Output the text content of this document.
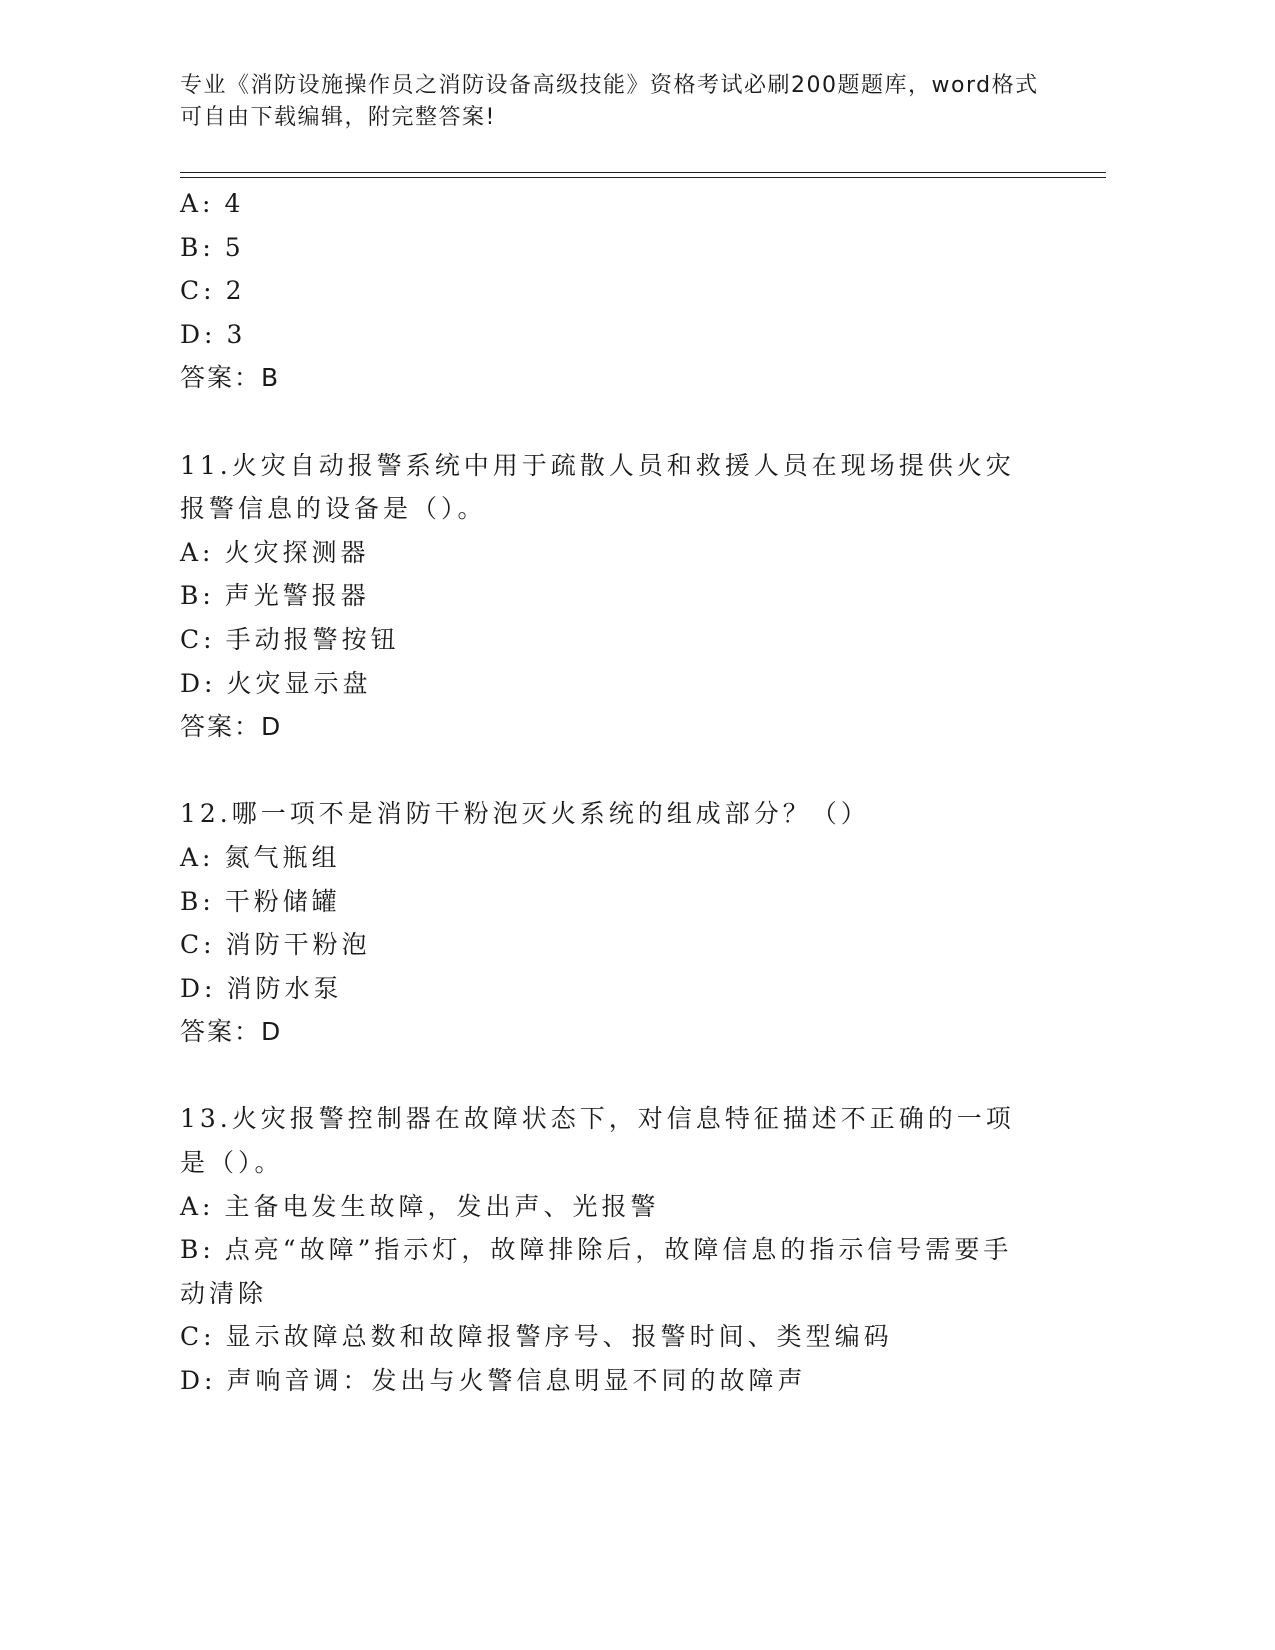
专业《消防设施操作员之消防设备高级技能》资格考试必刷200题题库，word格式可自由下载编辑，附完整答案!
A: 4
B: 5
C: 2
D: 3
答案：B
11.火灾自动报警系统中用于疏散人员和救援人员在现场提供火灾报警信息的设备是（）。
A: 火灾探测器
B: 声光警报器
C: 手动报警按钮
D: 火灾显示盘
答案：D
12.哪一项不是消防干粉泡灭火系统的组成部分？（）
A: 氮气瓶组
B: 干粉储罐
C: 消防干粉泡
D: 消防水泵
答案：D
13.火灾报警控制器在故障状态下，对信息特征描述不正确的一项是（）。
A: 主备电发生故障，发出声、光报警
B: 点亮“故障”指示灯，故障排除后，故障信息的指示信号需要手动清除
C: 显示故障总数和故障报警序号、报警时间、类型编码
D: 声响音调：发出与火警信息明显不同的故障声
